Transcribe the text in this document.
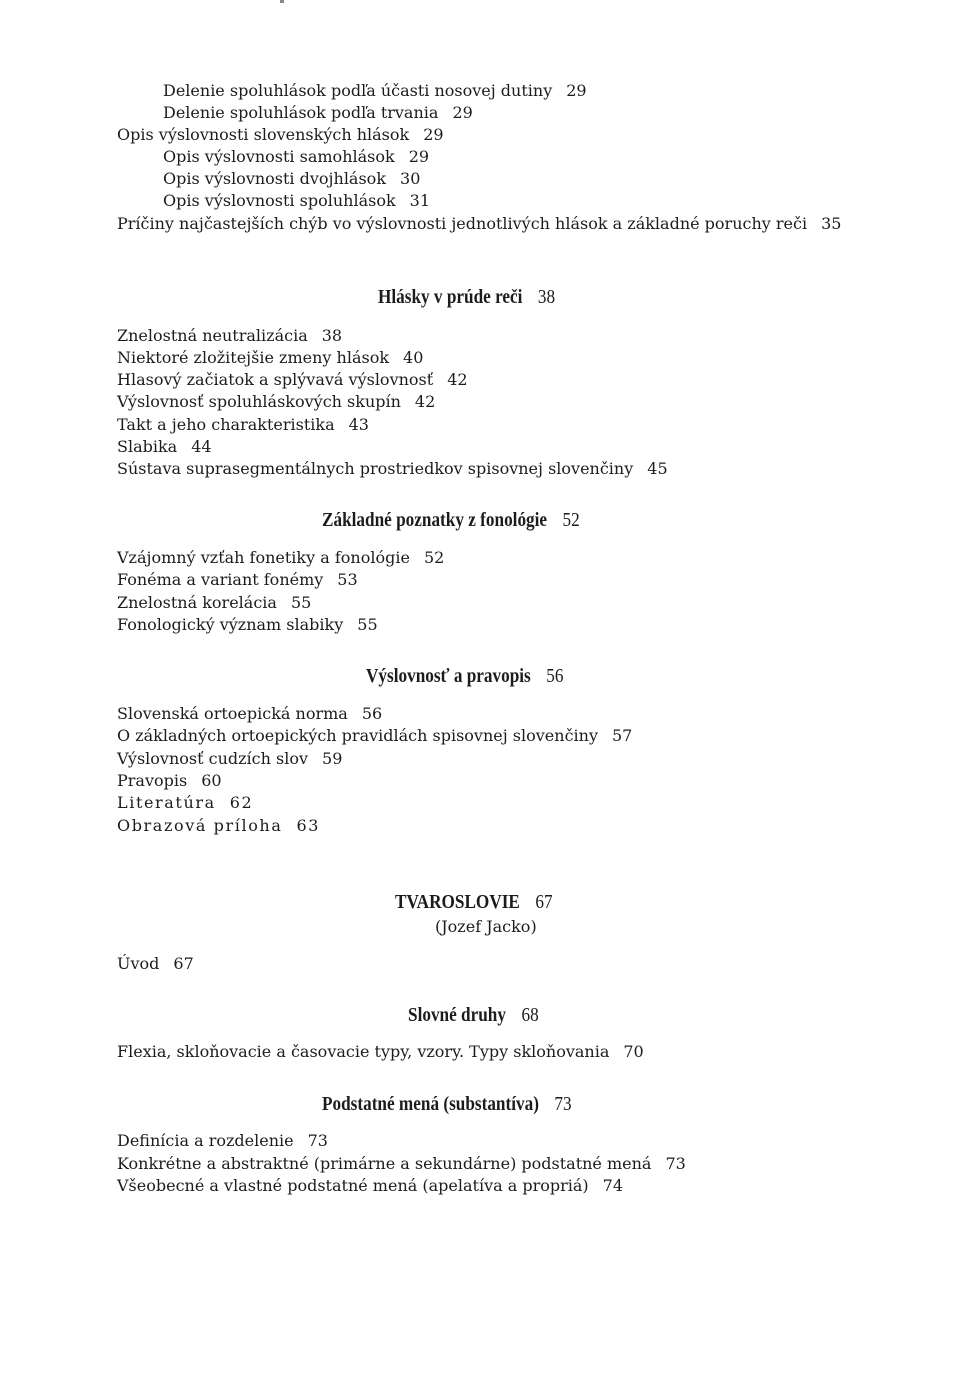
Delenie spoluhlások podľa účasti nosovej dutiny 29
Delenie spoluhlások podľa trvania 29
Opis výslovnosti slovenských hlások 29
Opis výslovnosti samohlások 29
Opis výslovnosti dvojhlások 30
Opis výslovnosti spoluhlások 31
Príčiny najčastejších chýb vo výslovnosti jednotlivých hlások a základné poruchy reči 35
Hlásky v prúde reči 38
Znelostná neutralizácia 38
Niektoré zložitejšie zmeny hlások 40
Hlasový začiatok a splývavá výslovnosť 42
Výslovnosť spoluhláskových skupín 42
Takt a jeho charakteristika 43
Slabika 44
Sústava suprasegmentálnych prostriedkov spisovnej slovenčiny 45
Základné poznatky z fonológie 52
Vzájomný vzťah fonetiky a fonológie 52
Fonéma a variant fonémy 53
Znelostná korelácia 55
Fonologický význam slabiky 55
Výslovnosť a pravopis 56
Slovenská ortoepická norma 56
O základných ortoepických pravidlách spisovnej slovenčiny 57
Výslovnosť cudzích slov 59
Pravopis 60
Literatúra 62
Obrazová príloha 63
TVAROSLOVIE 67
(Jozef Jacko)
Úvod 67
Slovné druhy 68
Flexia, skloňovacie a časovacie typy, vzory. Typy skloňovania 70
Podstatné mená (substantíva) 73
Definícia a rozdelenie 73
Konkrétne a abstraktné (primárne a sekundárne) podstatné mená 73
Všeobecné a vlastné podstatné mená (apelatíva a propriá) 74
